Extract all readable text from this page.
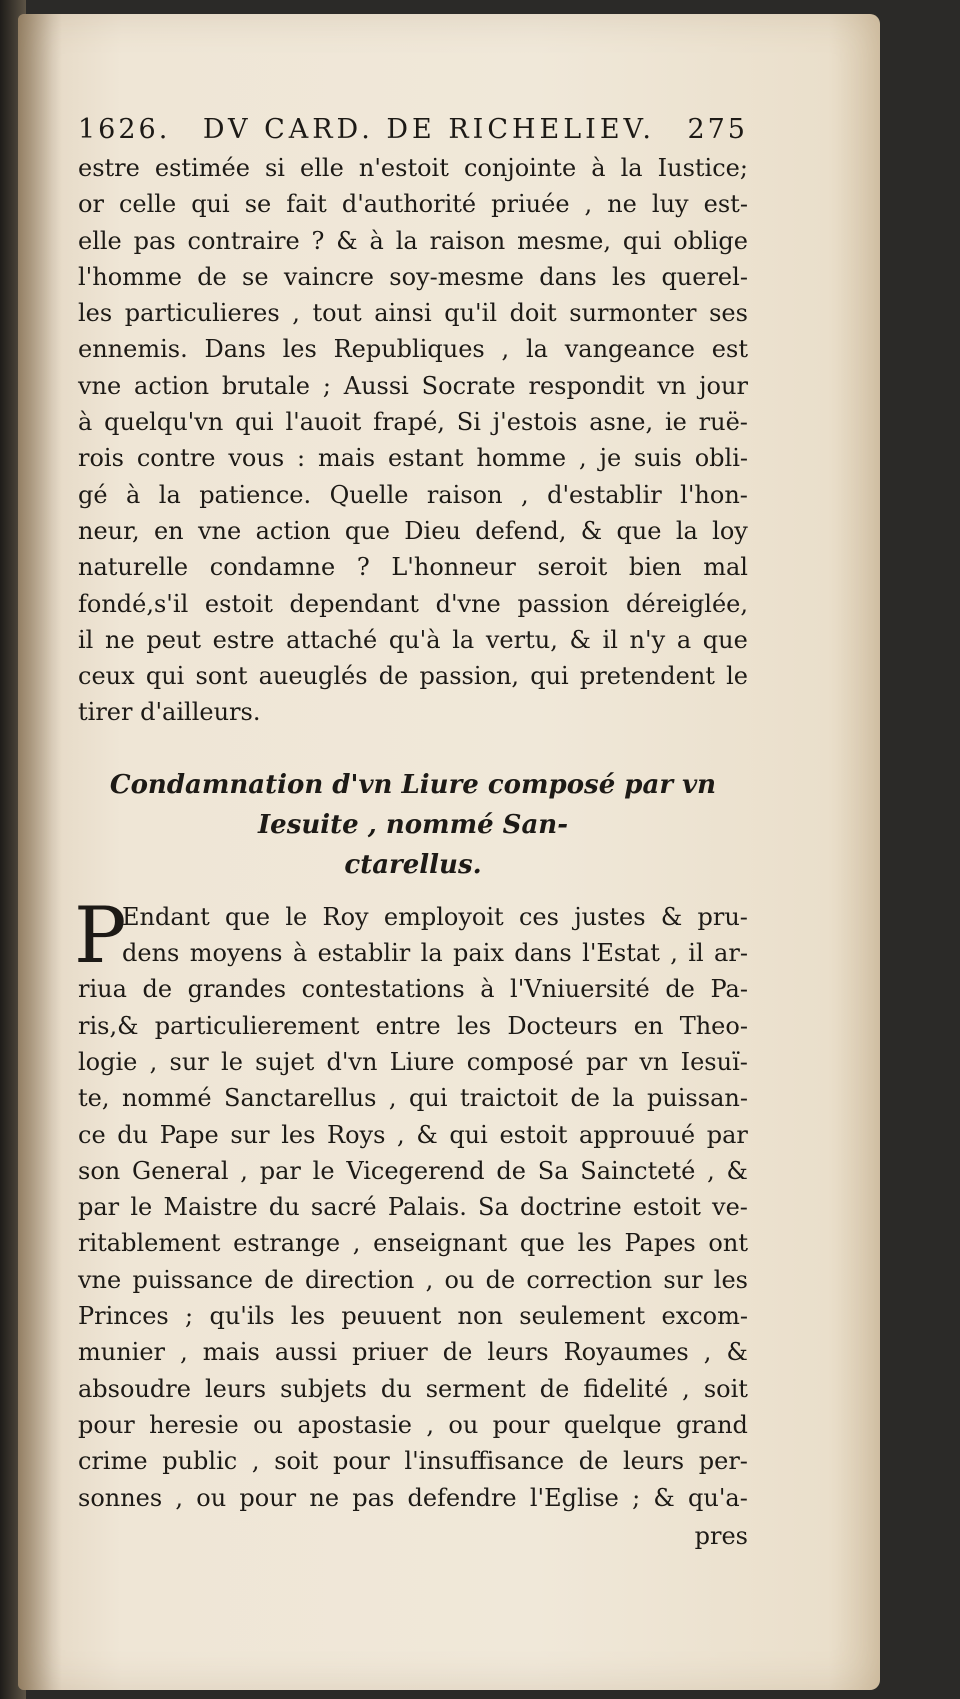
1626. DV CARD. DE RICHELIEV. 275
estre estimée si elle n'estoit conjointe à la Iustice;
or celle qui se fait d'authorité priuée , ne luy est-
elle pas contraire ? & à la raison mesme, qui oblige
l'homme de se vaincre soy-mesme dans les querel-
les particulieres , tout ainsi qu'il doit surmonter ses
ennemis. Dans les Republiques , la vangeance est
vne action brutale ; Aussi Socrate respondit vn jour
à quelqu'vn qui l'auoit frapé, Si j'estois asne, ie ruë-
rois contre vous : mais estant homme , je suis obli-
gé à la patience. Quelle raison , d'establir l'hon-
neur, en vne action que Dieu defend, & que la loy
naturelle condamne ? L'honneur seroit bien mal
fondé,s'il estoit dependant d'vne passion déreiglée,
il ne peut estre attaché qu'à la vertu, & il n'y a que
ceux qui sont aueuglés de passion, qui pretendent le
tirer d'ailleurs.
Condamnation d'vn Liure composé par vn
Iesuite , nommé San-
ctarellus.
P
Endant que le Roy employoit ces justes & pru-
dens moyens à establir la paix dans l'Estat , il ar-
riua de grandes contestations à l'Vniuersité de Pa-
ris,& particulierement entre les Docteurs en Theo-
logie , sur le sujet d'vn Liure composé par vn Iesuï-
te, nommé Sanctarellus , qui traictoit de la puissan-
ce du Pape sur les Roys , & qui estoit approuué par
son General , par le Vicegerend de Sa Saincteté , &
par le Maistre du sacré Palais. Sa doctrine estoit ve-
ritablement estrange , enseignant que les Papes ont
vne puissance de direction , ou de correction sur les
Princes ; qu'ils les peuuent non seulement excom-
munier , mais aussi priuer de leurs Royaumes , &
absoudre leurs subjets du serment de fidelité , soit
pour heresie ou apostasie , ou pour quelque grand
crime public , soit pour l'insuffisance de leurs per-
sonnes , ou pour ne pas defendre l'Eglise ; & qu'a-
pres
